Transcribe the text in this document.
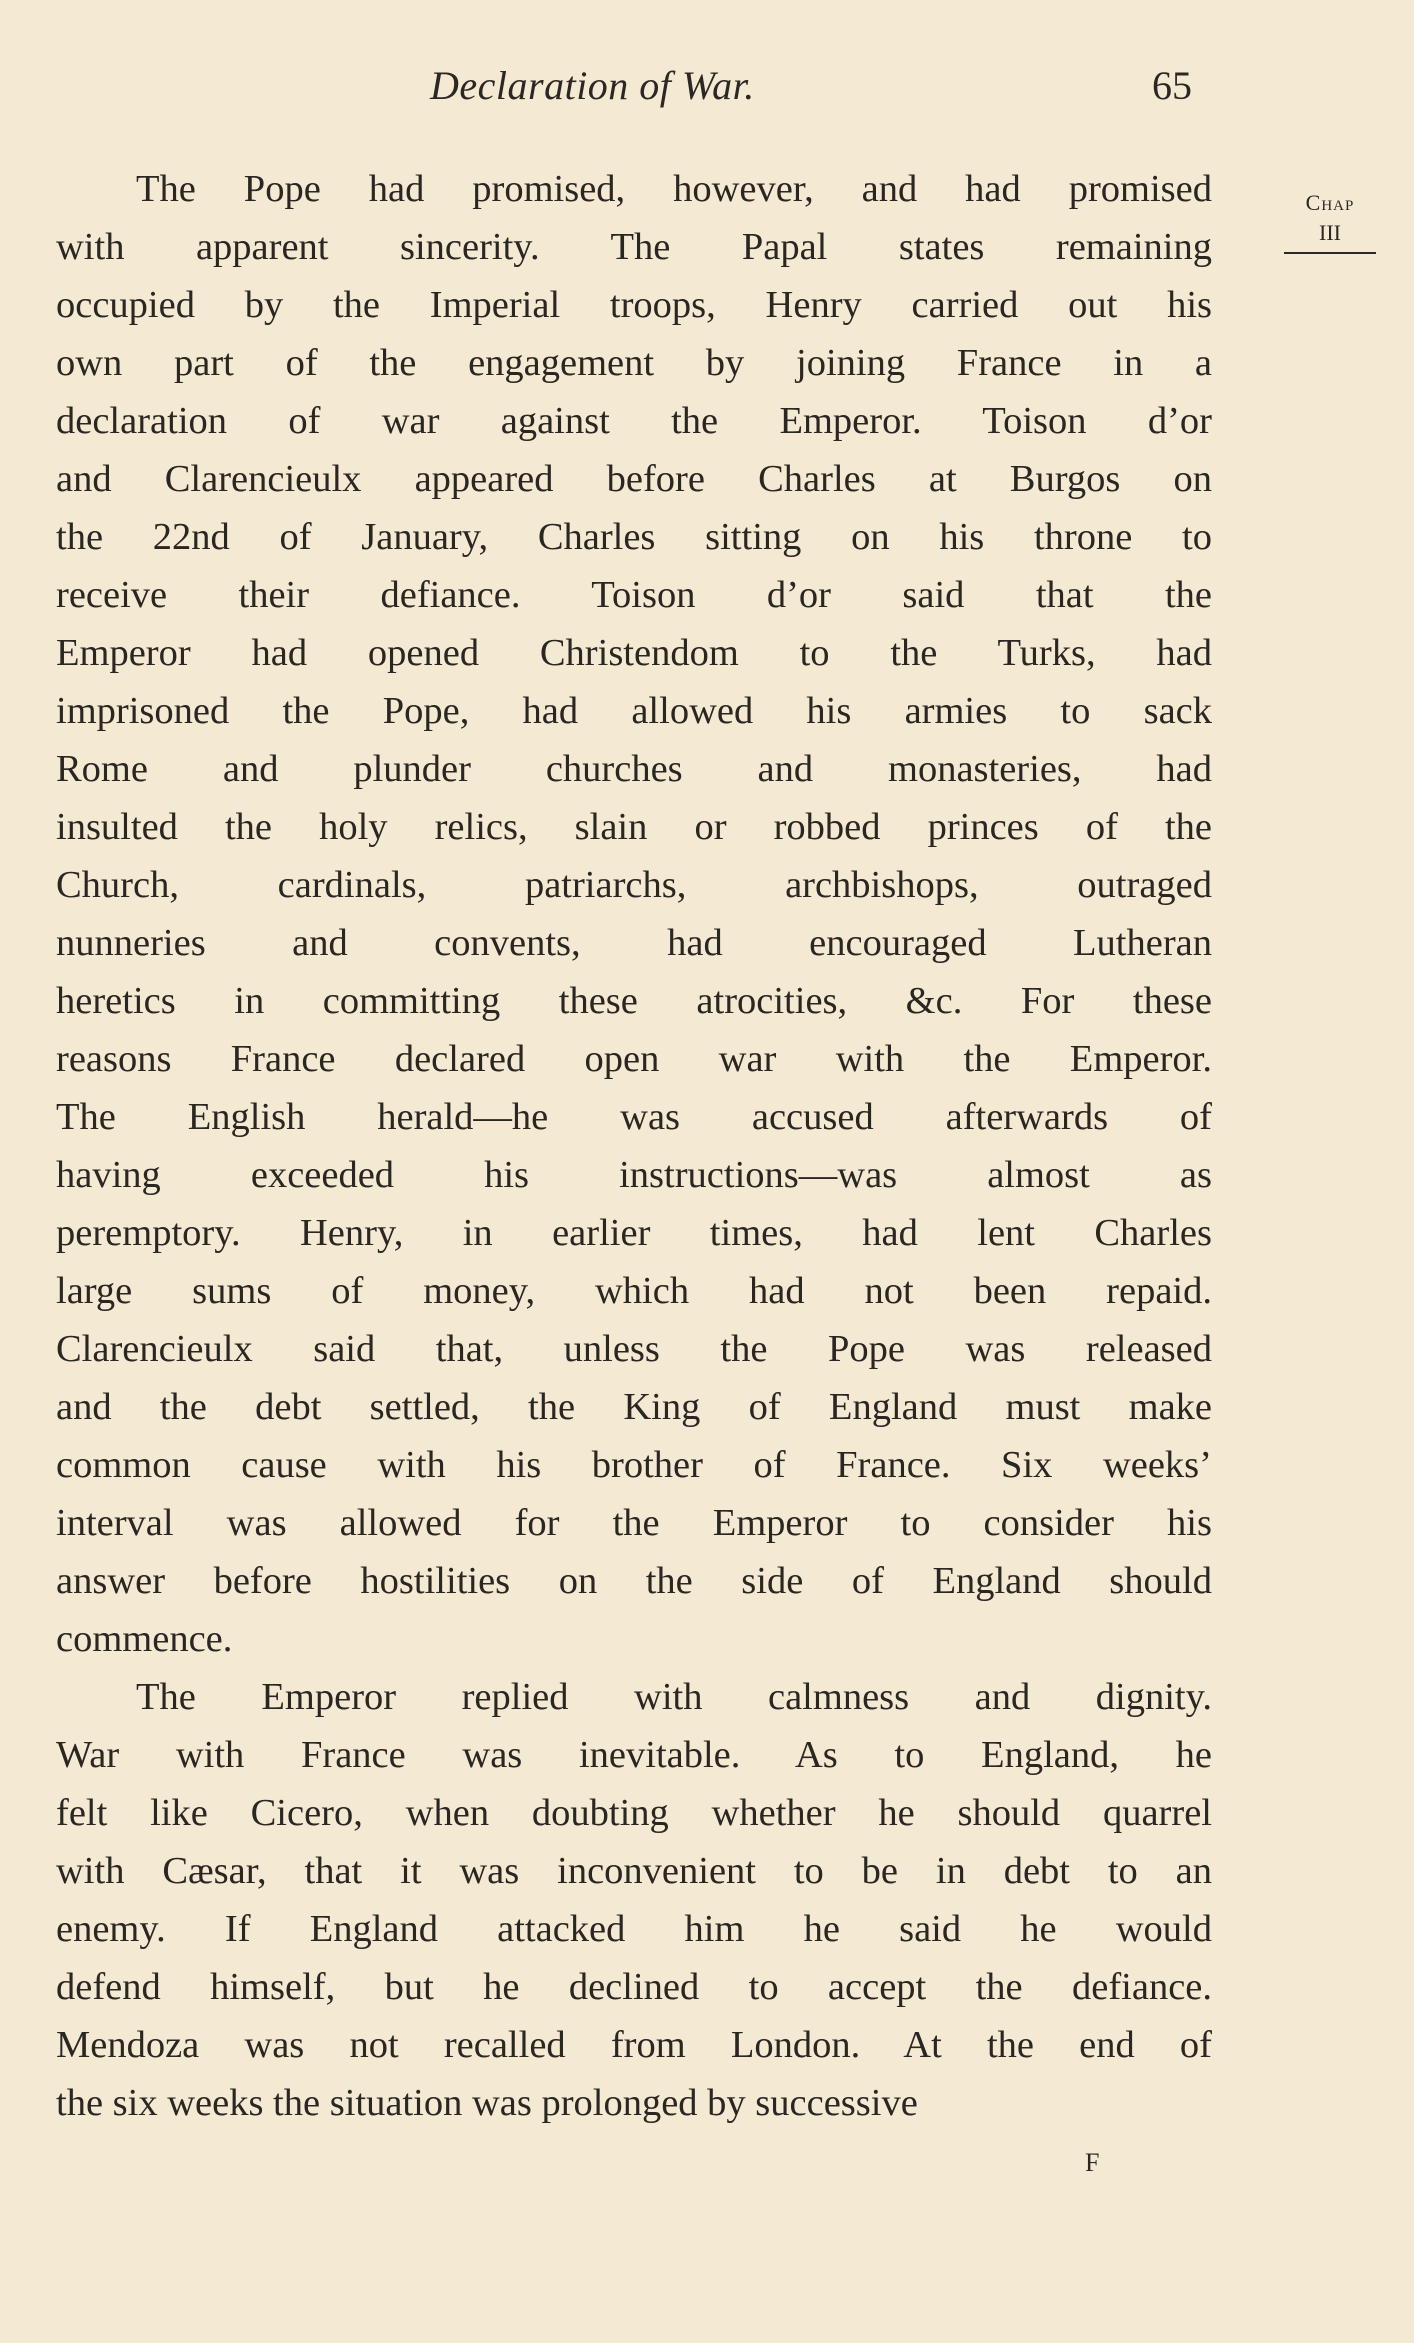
Declaration of War.	65
Chap
III
The Pope had promised, however, and had promised
with apparent sincerity. The Papal states remaining
occupied by the Imperial troops, Henry carried out his
own part of the engagement by joining France in a
declaration of war against the Emperor. Toison d’or
and Clarencieulx appeared before Charles at Burgos on
the 22nd of January, Charles sitting on his throne to
receive their defiance. Toison d’or said that the
Emperor had opened Christendom to the Turks, had
imprisoned the Pope, had allowed his armies to sack
Rome and plunder churches and monasteries, had
insulted the holy relics, slain or robbed princes of the
Church, cardinals, patriarchs, archbishops, outraged
nunneries and convents, had encouraged Lutheran
heretics in committing these atrocities, &c. For these
reasons France declared open war with the Emperor.
The English herald—he was accused afterwards of
having exceeded his instructions—was almost as
peremptory. Henry, in earlier times, had lent Charles
large sums of money, which had not been repaid.
Clarencieulx said that, unless the Pope was released
and the debt settled, the King of England must make
common cause with his brother of France. Six weeks’
interval was allowed for the Emperor to consider his
answer before hostilities on the side of England should
commence.
The Emperor replied with calmness and dignity.
War with France was inevitable. As to England, he
felt like Cicero, when doubting whether he should quarrel
with Cæsar, that it was inconvenient to be in debt to an
enemy. If England attacked him he said he would
defend himself, but he declined to accept the defiance.
Mendoza was not recalled from London. At the end of
the six weeks the situation was prolonged by successive
F
